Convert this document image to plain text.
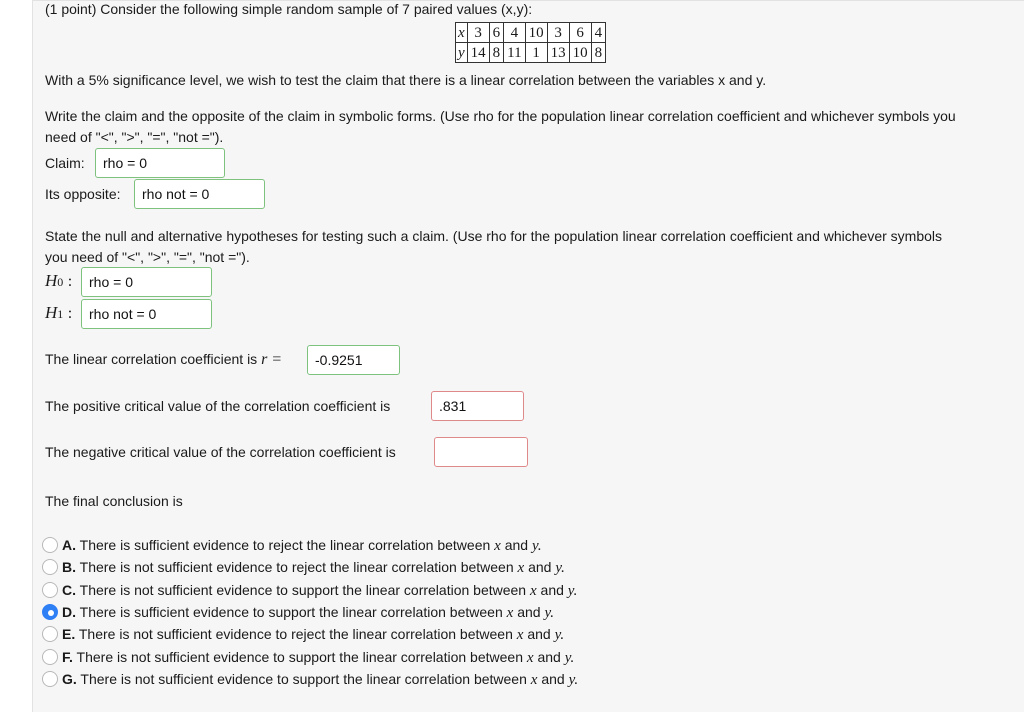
(1 point) Consider the following simple random sample of 7 paired values (x,y):
x	3	6	4	10	3	6	4
y	14	8	11	1	13	10	8
With a 5% significance level, we wish to test the claim that there is a linear correlation between the variables x and y.
Write the claim and the opposite of the claim in symbolic forms. (Use rho for the population linear correlation coefficient and whichever symbols you
need of "<", ">", "=", "not =").
Claim:	rho = 0
Its opposite:	rho not = 0
State the null and alternative hypotheses for testing such a claim. (Use rho for the population linear correlation coefficient and whichever symbols
you need of "<", ">", "=", "not =").
H0 :	rho = 0
H1 :	rho not = 0
The linear correlation coefficient is r =	-0.9251
The positive critical value of the correlation coefficient is	.831
The negative critical value of the correlation coefficient is
The final conclusion is
A. There is sufficient evidence to reject the linear correlation between x and y.
B. There is not sufficient evidence to reject the linear correlation between x and y.
C. There is not sufficient evidence to support the linear correlation between x and y.
D. There is sufficient evidence to support the linear correlation between x and y.
E. There is not sufficient evidence to reject the linear correlation between x and y.
F. There is not sufficient evidence to support the linear correlation between x and y.
G. There is not sufficient evidence to support the linear correlation between x and y.
